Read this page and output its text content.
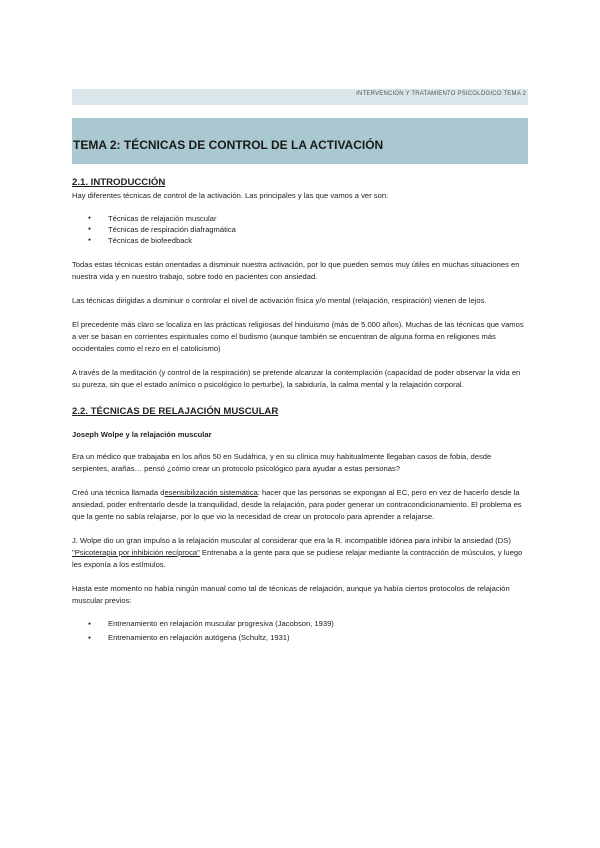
INTERVENCIÓN Y TRATAMIENTO PSICOLÓGICO TEMA 2
TEMA 2: TÉCNICAS DE CONTROL DE LA ACTIVACIÓN
2.1. INTRODUCCIÓN

Hay diferentes técnicas de control de la activación. Las principales y las que vamos a ver son:

● Técnicas de relajación muscular
● Técnicas de respiración diafragmática
● Técnicas de biofeedback

Todas estas técnicas están orientadas a disminuir nuestra activación, por lo que pueden sernos muy útiles en muchas situaciones en nuestra vida y en nuestro trabajo, sobre todo en pacientes con ansiedad.

Las técnicas dirigidas a disminuir o controlar el nivel de activación física y/o mental (relajación, respiración) vienen de lejos.

El precedente más claro se localiza en las prácticas religiosas del hinduismo (más de 5.000 años). Muchas de las técnicas que vamos a ver se basan en corrientes espirituales como el budismo (aunque también se encuentran de alguna forma en religiones más occidentales como el rezo en el catolicismo)

A través de la meditación (y control de la respiración) se pretende alcanzar la contemplación (capacidad de poder observar la vida en su pureza, sin que el estado anímico o psicológico lo perturbe), la sabiduría, la calma mental y la relajación corporal.

2.2. TÉCNICAS DE RELAJACIÓN MUSCULAR

Joseph Wolpe y la relajación muscular

Era un médico que trabajaba en los años 50 en Sudáfrica, y en su clínica muy habitualmente llegaban casos de fobia, desde serpientes, arañas… pensó ¿cómo crear un protocolo psicológico para ayudar a estas personas?

Creó una técnica llamada desensibilización sistemática: hacer que las personas se expongan al EC, pero en vez de hacerlo desde la ansiedad, poder enfrentarlo desde la tranquilidad, desde la relajación, para poder generar un contracondicionamiento. El problema es que la gente no sabía relajarse, por lo que vio la necesidad de crear un protocolo para aprender a relajarse.

J. Wolpe dio un gran impulso a la relajación muscular al considerar que era la R. incompatible idónea para inhibir la ansiedad (DS) "Psicoterapia por inhibición recíproca" Entrenaba a la gente para que se pudiese relajar mediante la contracción de músculos, y luego les exponía a los estímulos.

Hasta este momento no había ningún manual como tal de técnicas de relajación, aunque ya había ciertos protocolos de relajación muscular previos:

● Entrenamiento en relajación muscular progresiva (Jacobson, 1939)
● Entrenamiento en relajación autógena (Schultz, 1931)
